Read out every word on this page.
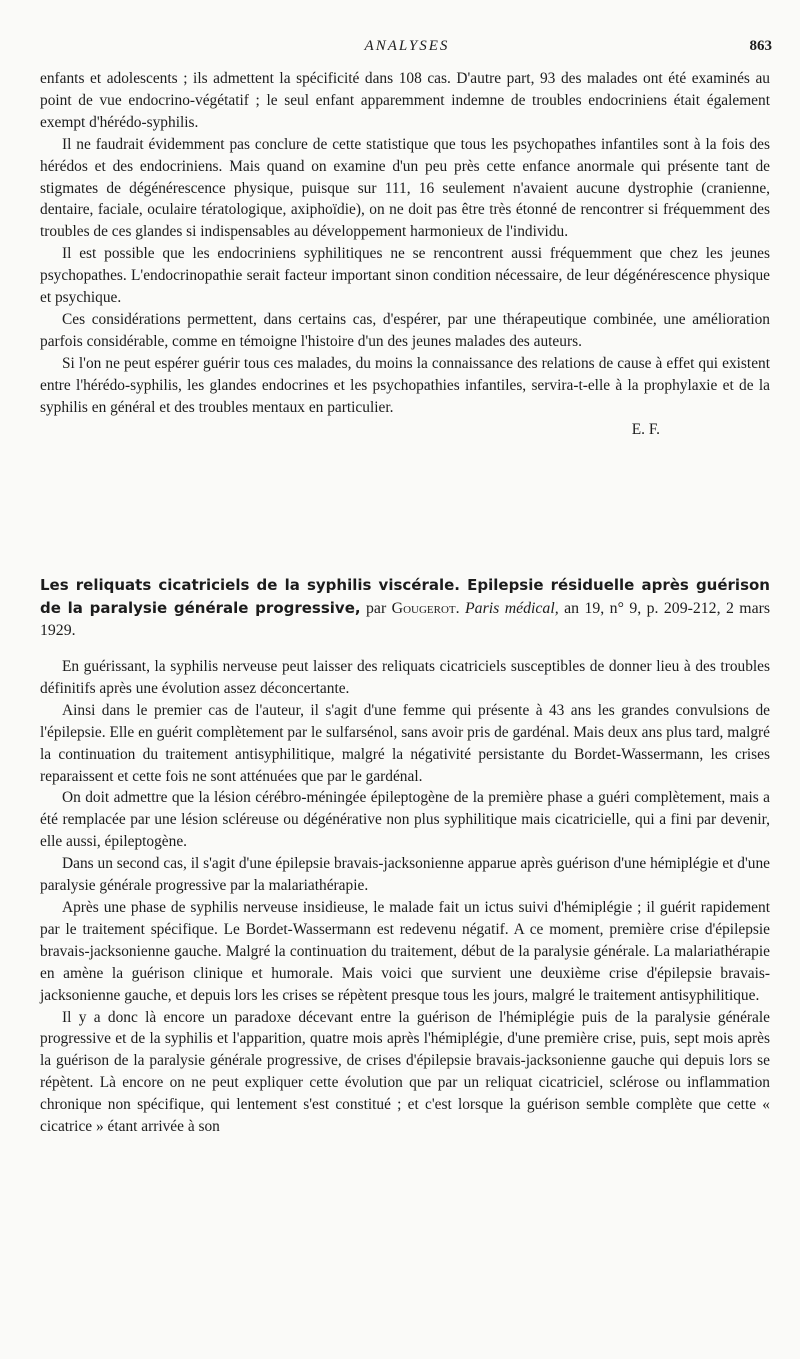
ANALYSES	863

enfants et adolescents ; ils admettent la spécificité dans 108 cas. D'autre part, 93 des malades ont été examinés au point de vue endocrino-végétatif ; le seul enfant apparemment indemne de troubles endocriniens était également exempt d'hérédo-syphilis.

Il ne faudrait évidemment pas conclure de cette statistique que tous les psychopathes infantiles sont à la fois des hérédos et des endocriniens. Mais quand on examine d'un peu près cette enfance anormale qui présente tant de stigmates de dégénérescence physique, puisque sur 111, 16 seulement n'avaient aucune dystrophie (cranienne, dentaire, faciale, oculaire tératologique, axiphoïdie), on ne doit pas être très étonné de rencontrer si fréquemment des troubles de ces glandes si indispensables au développement harmonieux de l'individu.

Il est possible que les endocriniens syphilitiques ne se rencontrent aussi fréquemment que chez les jeunes psychopathes. L'endocrinopathie serait facteur important sinon condition nécessaire, de leur dégénérescence physique et psychique.

Ces considérations permettent, dans certains cas, d'espérer, par une thérapeutique combinée, une amélioration parfois considérable, comme en témoigne l'histoire d'un des jeunes malades des auteurs.

Si l'on ne peut espérer guérir tous ces malades, du moins la connaissance des relations de cause à effet qui existent entre l'hérédo-syphilis, les glandes endocrines et les psychopathies infantiles, servira-t-elle à la prophylaxie et de la syphilis en général et des troubles mentaux en particulier.

E. F.
Les reliquats cicatriciels de la syphilis viscérale. Epilepsie résiduelle après guérison de la paralysie générale progressive, par Gougerot. Paris médical, an 19, n° 9, p. 209-212, 2 mars 1929.

En guérissant, la syphilis nerveuse peut laisser des reliquats cicatriciels susceptibles de donner lieu à des troubles définitifs après une évolution assez déconcertante.

Ainsi dans le premier cas de l'auteur, il s'agit d'une femme qui présente à 43 ans les grandes convulsions de l'épilepsie. Elle en guérit complètement par le sulfarsénol, sans avoir pris de gardénal. Mais deux ans plus tard, malgré la continuation du traitement antisyphilitique, malgré la négativité persistante du Bordet-Wassermann, les crises reparaissent et cette fois ne sont atténuées que par le gardénal.

On doit admettre que la lésion cérébro-méningée épileptogène de la première phase a guéri complètement, mais a été remplacée par une lésion scléreuse ou dégénérative non plus syphilitique mais cicatricielle, qui a fini par devenir, elle aussi, épileptogène.

Dans un second cas, il s'agit d'une épilepsie bravais-jacksonienne apparue après guérison d'une hémiplégie et d'une paralysie générale progressive par la malariathérapie.

Après une phase de syphilis nerveuse insidieuse, le malade fait un ictus suivi d'hémiplégie ; il guérit rapidement par le traitement spécifique. Le Bordet-Wassermann est redevenu négatif. A ce moment, première crise d'épilepsie bravais-jacksonienne gauche. Malgré la continuation du traitement, début de la paralysie générale. La malariathérapie en amène la guérison clinique et humorale. Mais voici que survient une deuxième crise d'épilepsie bravais-jacksonienne gauche, et depuis lors les crises se répètent presque tous les jours, malgré le traitement antisyphilitique.

Il y a donc là encore un paradoxe décevant entre la guérison de l'hémiplégie puis de la paralysie générale progressive et de la syphilis et l'apparition, quatre mois après l'hémiplégie, d'une première crise, puis, sept mois après la guérison de la paralysie générale progressive, de crises d'épilepsie bravais-jacksonienne gauche qui depuis lors se répètent. Là encore on ne peut expliquer cette évolution que par un reliquat cicatriciel, sclérose ou inflammation chronique non spécifique, qui lentement s'est constitué ; et c'est lorsque la guérison semble complète que cette « cicatrice » étant arrivée à son
